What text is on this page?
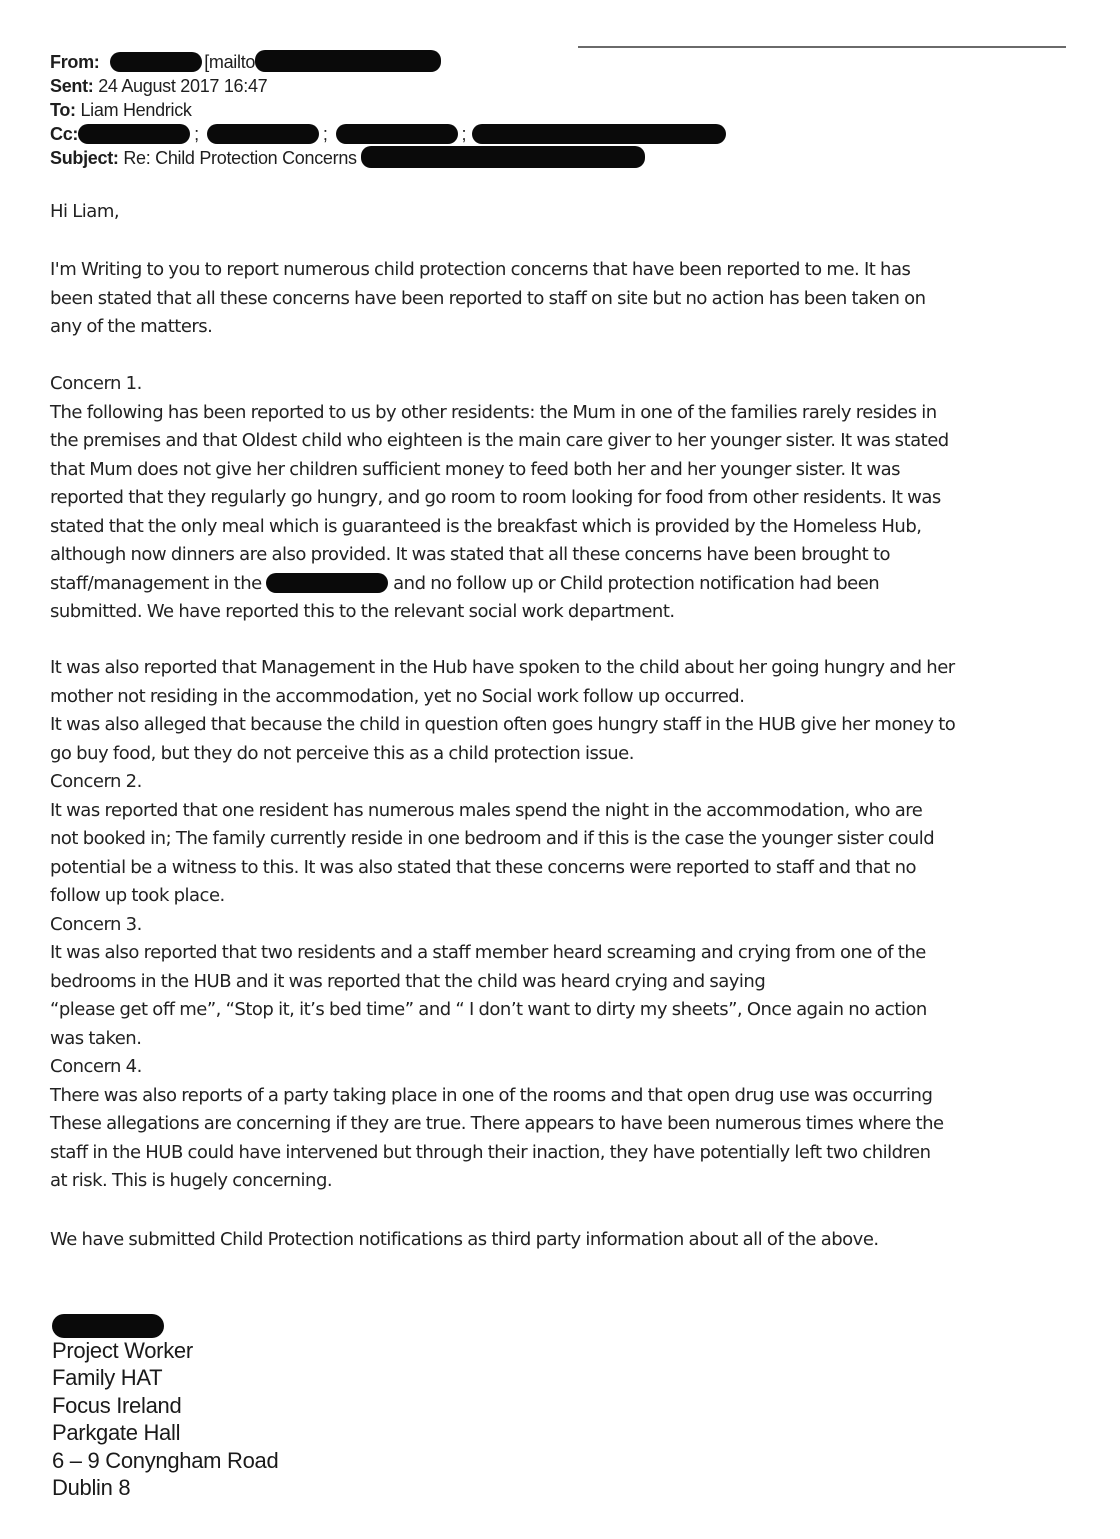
From:	[mailto
Sent: 24 August 2017 16:47
To: Liam Hendrick
Cc:	;	;	;
Subject: Re: Child Protection Concerns
Hi Liam,
I'm Writing to you to report numerous child protection concerns that have been reported to me. It has
been stated that all these concerns have been reported to staff on site but no action has been taken on
any of the matters.
Concern 1.
The following has been reported to us by other residents: the Mum in one of the families rarely resides in
the premises and that Oldest child who eighteen is the main care giver to her younger sister. It was stated
that Mum does not give her children sufficient money to feed both her and her younger sister. It was
reported that they regularly go hungry, and go room to room looking for food from other residents. It was
stated that the only meal which is guaranteed is the breakfast which is provided by the Homeless Hub,
although now dinners are also provided. It was stated that all these concerns have been brought to
staff/management in the	and no follow up or Child protection notification had been
submitted. We have reported this to the relevant social work department.
It was also reported that Management in the Hub have spoken to the child about her going hungry and her
mother not residing in the accommodation, yet no Social work follow up occurred.
It was also alleged that because the child in question often goes hungry staff in the HUB give her money to
go buy food, but they do not perceive this as a child protection issue.
Concern 2.
It was reported that one resident has numerous males spend the night in the accommodation, who are
not booked in; The family currently reside in one bedroom and if this is the case the younger sister could
potential be a witness to this. It was also stated that these concerns were reported to staff and that no
follow up took place.
Concern 3.
It was also reported that two residents and a staff member heard screaming and crying from one of the
bedrooms in the HUB and it was reported that the child was heard crying and saying
“please get off me”, “Stop it, it’s bed time” and “ I don’t want to dirty my sheets”, Once again no action
was taken.
Concern 4.
There was also reports of a party taking place in one of the rooms and that open drug use was occurring
These allegations are concerning if they are true. There appears to have been numerous times where the
staff in the HUB could have intervened but through their inaction, they have potentially left two children
at risk. This is hugely concerning.
We have submitted Child Protection notifications as third party information about all of the above.
Project Worker
Family HAT
Focus Ireland
Parkgate Hall
6 – 9 Conyngham Road
Dublin 8
